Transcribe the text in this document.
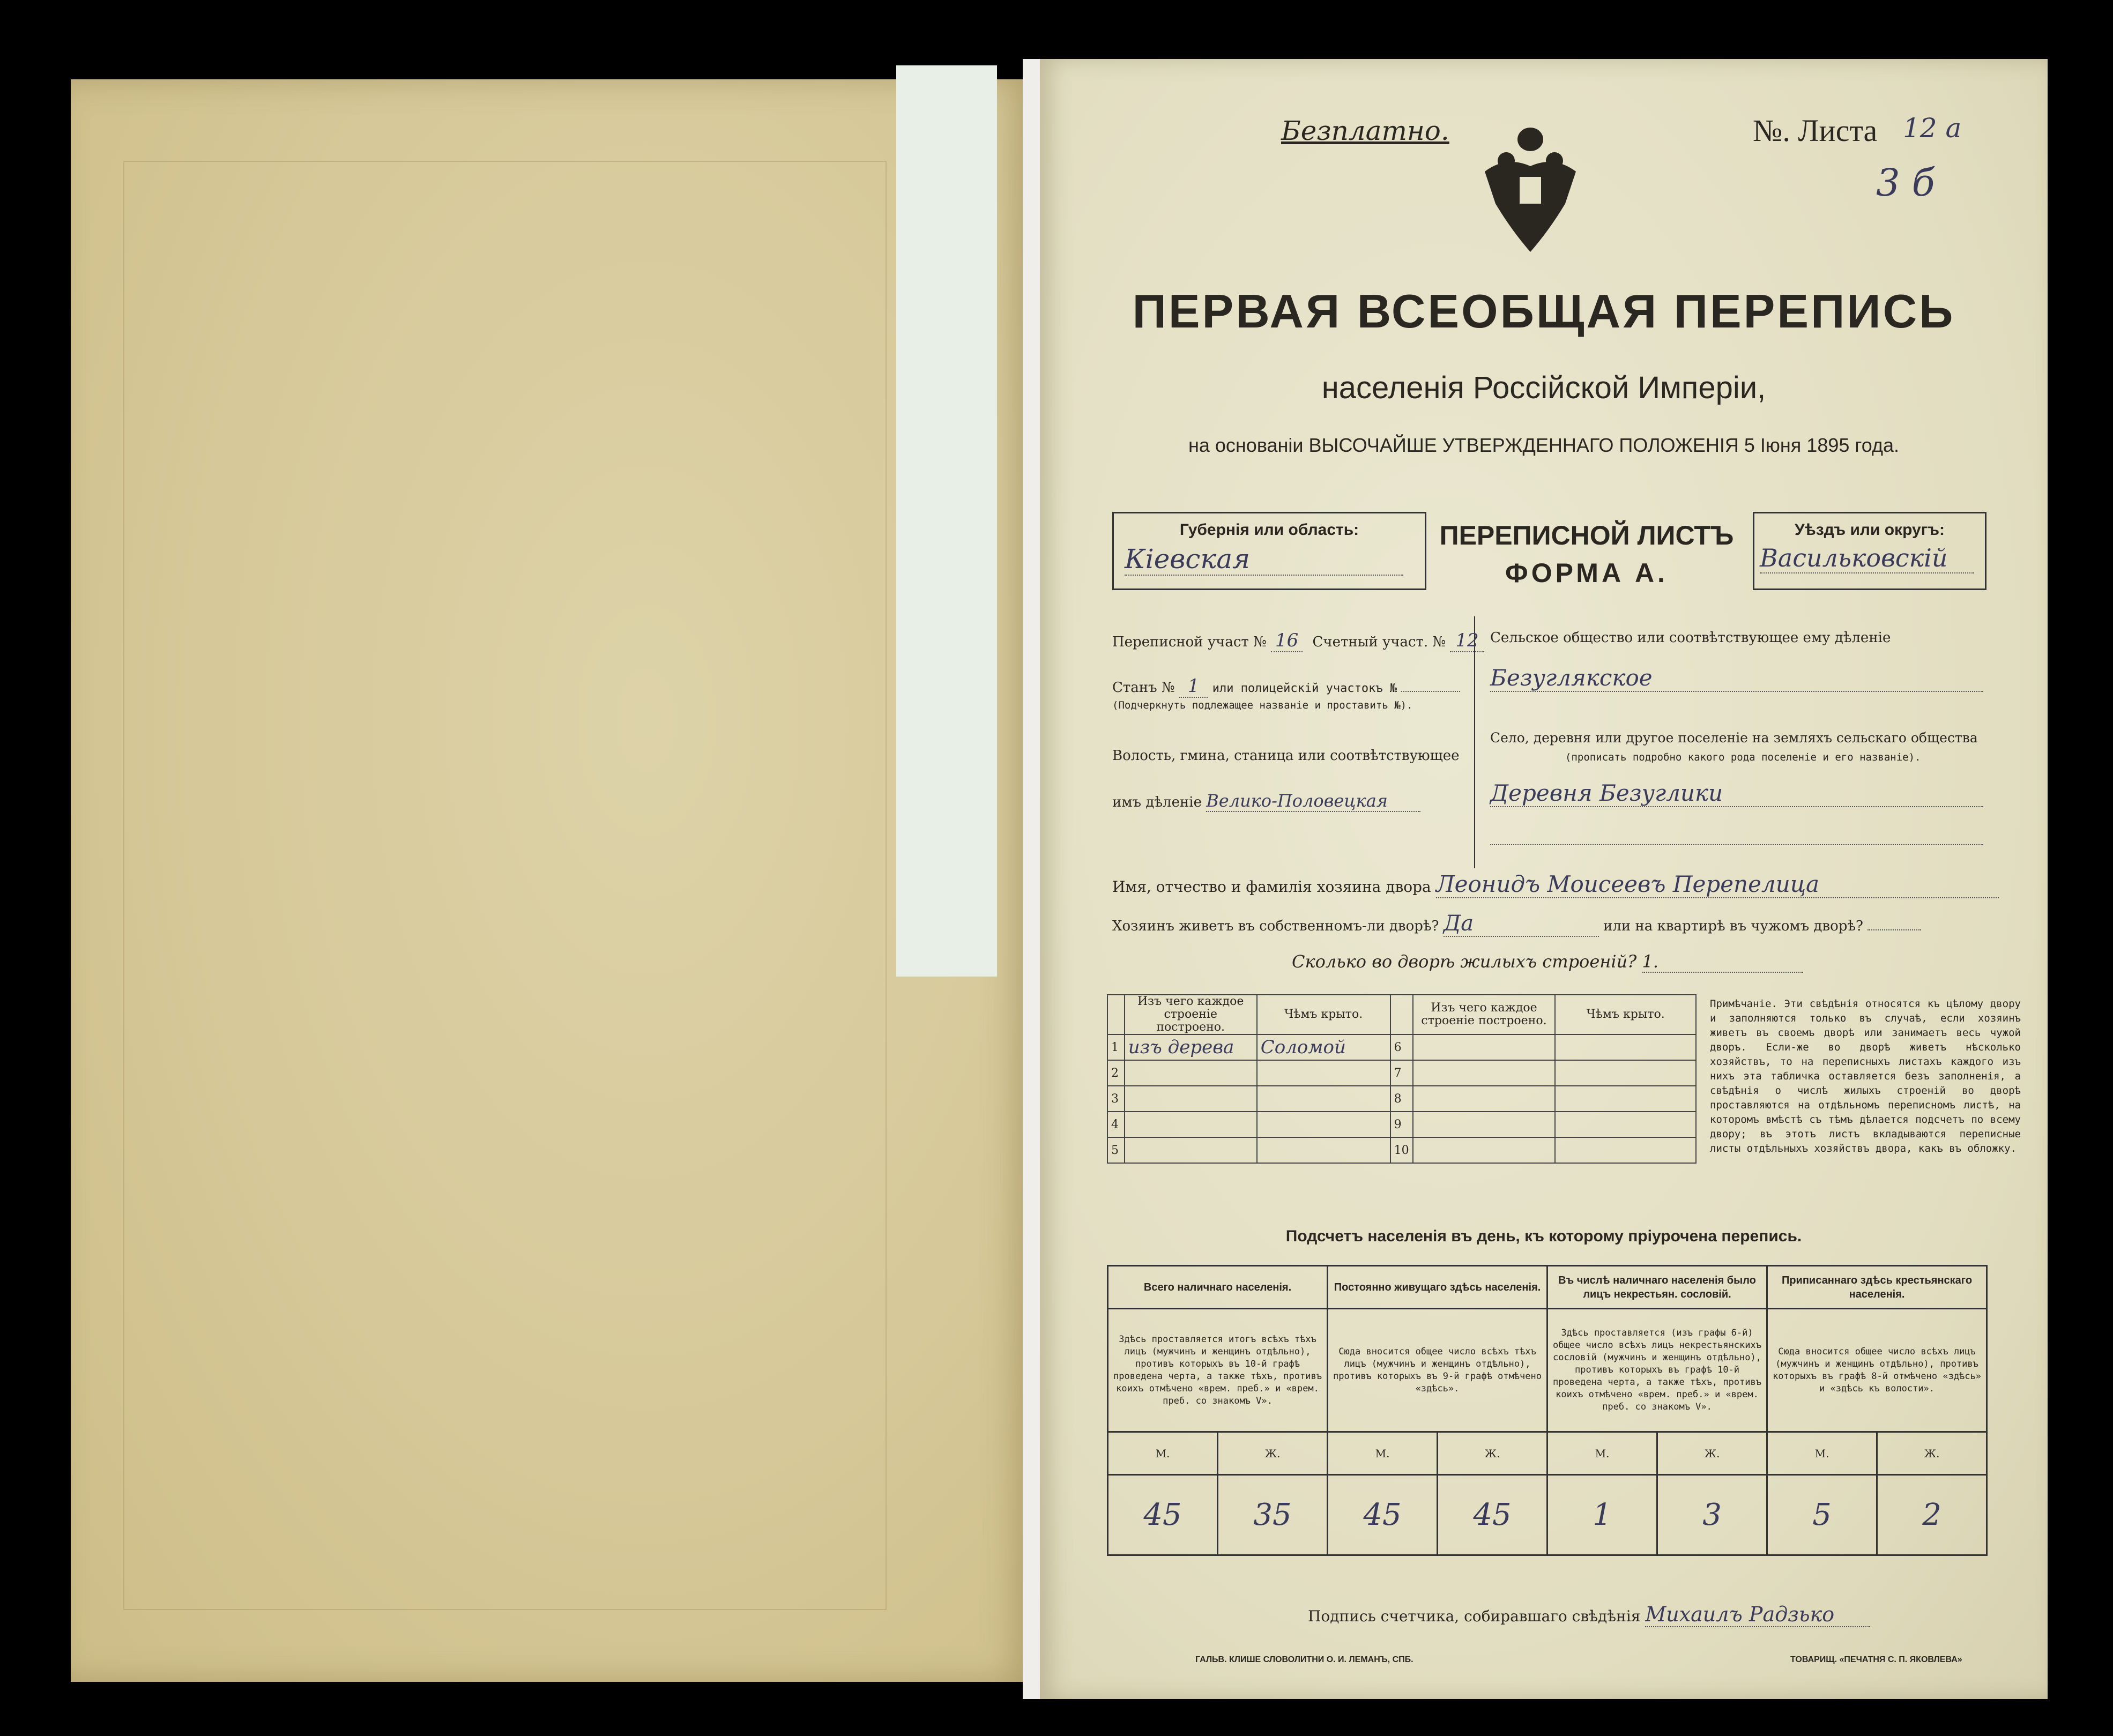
Безплатно.	№. Листа 12 а
3 б
ПЕРВАЯ ВСЕОБЩАЯ ПЕРЕПИСЬ
населенія Россійской Имперіи,
на основаніи ВЫСОЧАЙШЕ УТВЕРЖДЕННАГО ПОЛОЖЕНІЯ 5 Іюня 1895 года.
Губернія или область:
Кіевская
ПЕРЕПИСНОЙ ЛИСТЪ
ФОРМА А.
Уѣздъ или округъ:
Васильковскій
Переписной участ № 16 Счетный участ. № 12
Станъ № 1 или полицейскій участокъ №
(Подчеркнуть подлежащее названіе и проставить №).
Волость, гмина, станица или соотвѣтствующее
имъ дѣленіе Велико-Половецкая
Сельское общество или соотвѣтствующее ему дѣленіе
Безуглякское
Село, деревня или другое поселеніе на земляхъ сельскаго общества
(прописать подробно какого рода поселеніе и его названіе).
Деревня Безуглики
Имя, отчество и фамилія хозяина двора Леонидъ Моисеевъ Перепелица
Хозяинъ живетъ въ собственномъ-ли дворѣ? Да	или на квартирѣ въ чужомъ дворѣ?
Сколько во дворѣ жилыхъ строеній? 1.
	Изъ чего каждое строеніе построено.	Чѣмъ крыто.		Изъ чего каждое строеніе построено.	Чѣмъ крыто.
1	изъ дерева	Соломой	6		
2			7		
3			8		
4			9		
5			10		
Примѣчаніе. Эти свѣдѣнія относятся къ цѣлому двору и заполняются только въ случаѣ, если хозяинъ живетъ въ своемъ дворѣ или занимаетъ весь чужой дворъ. Если-же во дворѣ живетъ нѣсколько хозяйствъ, то на переписныхъ листахъ каждого изъ нихъ эта табличка оставляется безъ заполненія, а свѣдѣнія о числѣ жилыхъ строеній во дворѣ проставляются на отдѣльномъ переписномъ листѣ, на которомъ вмѣстѣ съ тѣмъ дѣлается подсчетъ по всему двору; въ этотъ листъ вкладываются переписные листы отдѣльныхъ хозяйствъ двора, какъ въ обложку.
Подсчетъ населенія въ день, къ которому пріурочена перепись.
Всего наличнаго населенія.		Постоянно живущаго здѣсь населенія.		Въ числѣ наличнаго населенія было лицъ некрестьян. сословій.		Приписаннаго здѣсь крестьянскаго населенія.	
Здѣсь проставляется итогъ всѣхъ тѣхъ лицъ (мужчинъ и женщинъ отдѣльно), противъ которыхъ въ 10-й графѣ проведена черта, а также тѣхъ, противъ коихъ отмѣчено «врем. преб.» и «врем. преб. со знакомъ V».		Сюда вносится общее число всѣхъ тѣхъ лицъ (мужчинъ и женщинъ отдѣльно), противъ которыхъ въ 9-й графѣ отмѣчено «здѣсь».		Здѣсь проставляется (изъ графы 6-й) общее число всѣхъ лицъ некрестьянскихъ сословій (мужчинъ и женщинъ отдѣльно), противъ которыхъ въ графѣ 10-й проведена черта, а также тѣхъ, противъ коихъ отмѣчено «врем. преб.» и «врем. преб. со знакомъ V».		Сюда вносится общее число всѣхъ лицъ (мужчинъ и женщинъ отдѣльно), противъ которыхъ въ графѣ 8-й отмѣчено «здѣсь» и «здѣсь къ волости».	
М.	Ж.	М.	Ж.	М.	Ж.	М.	Ж.
45	35	45	45	1	3	5	2
Подпись счетчика, собиравшаго свѣдѣнія Михаилъ Радзько
ГАЛЬВ. КЛИШЕ СЛОВОЛИТНИ О. И. ЛЕМАНЪ, СПБ.	ТОВАРИЩ. «ПЕЧАТНЯ С. П. ЯКОВЛЕВА»
